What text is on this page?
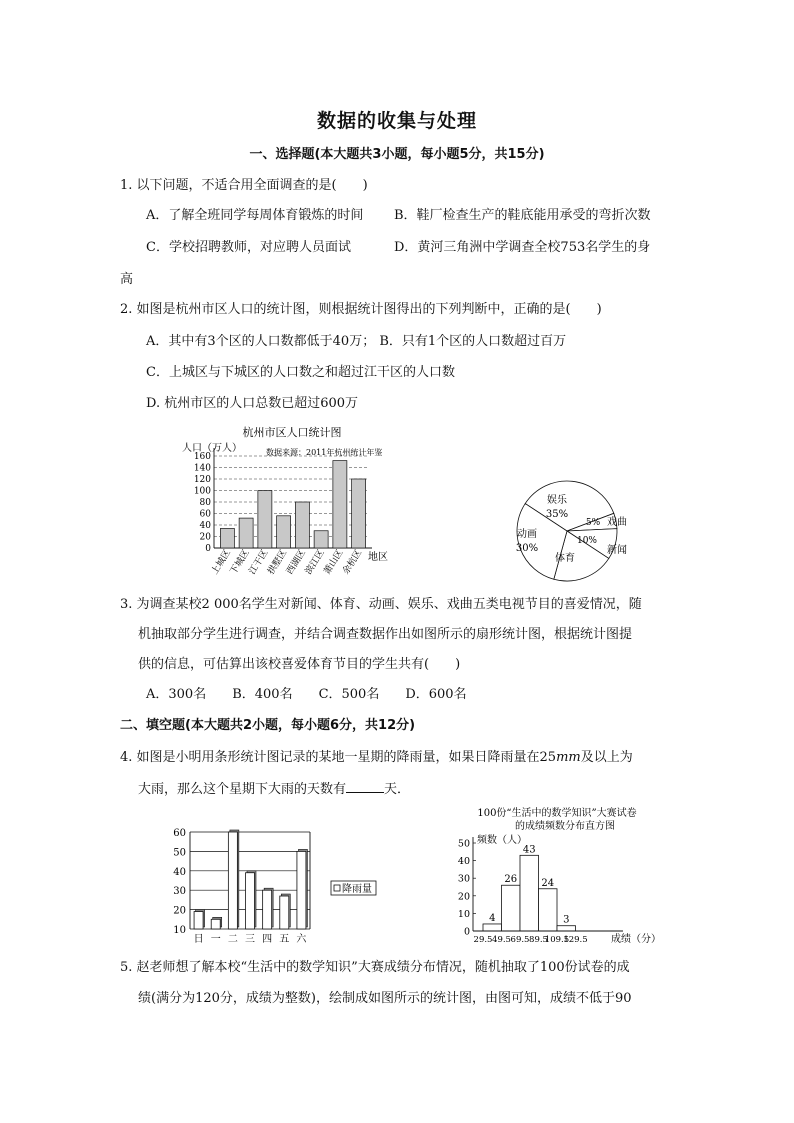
数据的收集与处理
一、选择题(本大题共3小题，每小题5分，共15分)
1. 以下问题，不适合用全面调查的是(　　)
A．了解全班同学每周体育锻炼的时间 B．鞋厂检查生产的鞋底能用承受的弯折次数
C．学校招聘教师，对应聘人员面试	D．黄河三角洲中学调查全校753名学生的身
高
2. 如图是杭州市区人口的统计图，则根据统计图得出的下列判断中，正确的是(　　)
A．其中有3个区的人口数都低于40万； B．只有1个区的人口数超过百万
C．上城区与下城区的人口数之和超过江干区的人口数
D. 杭州市区的人口总数已超过600万
杭州市区人口统计图
人口（万人）	数据来源：2011年杭州统计年鉴
0
20
40
60
80
100
120
140
160
上城区
下城区
江干区
拱墅区
西湖区
滨江区
萧山区
余杭区 地区
娱乐
35%
5% 戏曲
10%
新闻
体育
动画
30%
3. 为调查某校2 000名学生对新闻、体育、动画、娱乐、戏曲五类电视节目的喜爱情况，随
机抽取部分学生进行调查，并结合调查数据作出如图所示的扇形统计图，根据统计图提
供的信息，可估算出该校喜爱体育节目的学生共有(　　)
A．300名　　B．400名　　C．500名　　D．600名
二、填空题(本大题共2小题，每小题6分，共12分)
4. 如图是小明用条形统计图记录的某地一星期的降雨量，如果日降雨量在25mm及以上为
大雨，那么这个星期下大雨的天数有	天．
10
20
30
40
50
60
日 一 二 三 四 五 六
降雨量
100份“生活中的数学知识”大赛试卷
的成绩频数分布直方图
频数（人）
0
10
20
30
40
50
29.5 49.5 69.5 89.5
109.5
129.5
4
26
43
24
3
成绩（分）
5. 赵老师想了解本校“生活中的数学知识”大赛成绩分布情况，随机抽取了100份试卷的成
绩(满分为120分，成绩为整数)，绘制成如图所示的统计图，由图可知，成绩不低于90
